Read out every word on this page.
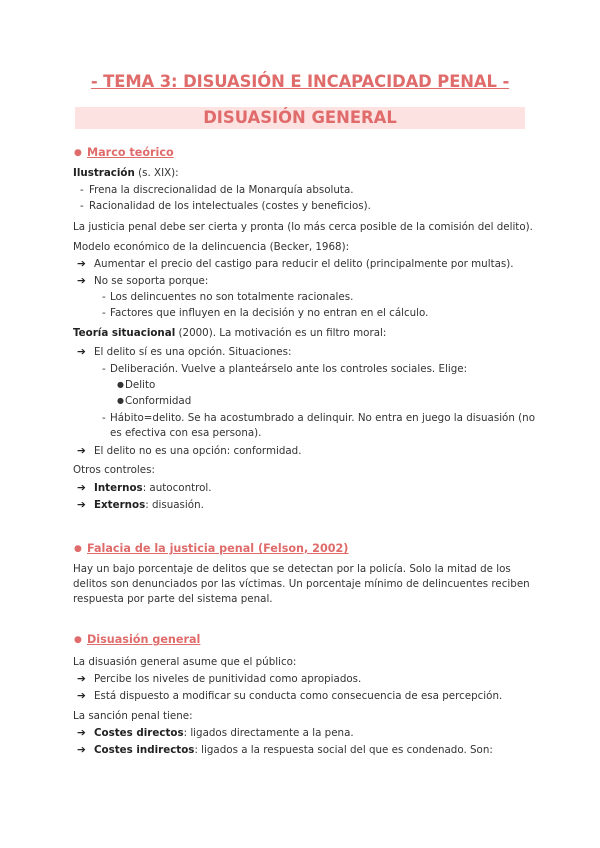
- TEMA 3: DISUASIÓN E INCAPACIDAD PENAL -
DISUASIÓN GENERAL
● Marco teórico
Ilustración (s. XIX):
- Frena la discrecionalidad de la Monarquía absoluta.
- Racionalidad de los intelectuales (costes y beneficios).
La justicia penal debe ser cierta y pronta (lo más cerca posible de la comisión del delito).
Modelo económico de la delincuencia (Becker, 1968):
➔ Aumentar el precio del castigo para reducir el delito (principalmente por multas).
➔ No se soporta porque:
- Los delincuentes no son totalmente racionales.
- Factores que influyen en la decisión y no entran en el cálculo.
Teoría situacional (2000). La motivación es un filtro moral:
➔ El delito sí es una opción. Situaciones:
- Deliberación. Vuelve a planteárselo ante los controles sociales. Elige:
● Delito
● Conformidad
- Hábito=delito. Se ha acostumbrado a delinquir. No entra en juego la disuasión (no
es efectiva con esa persona).
➔ El delito no es una opción: conformidad.
Otros controles:
➔ Internos: autocontrol.
➔ Externos: disuasión.
● Falacia de la justicia penal (Felson, 2002)
Hay un bajo porcentaje de delitos que se detectan por la policía. Solo la mitad de los
delitos son denunciados por las víctimas. Un porcentaje mínimo de delincuentes reciben
respuesta por parte del sistema penal.
● Disuasión general
La disuasión general asume que el público:
➔ Percibe los niveles de punitividad como apropiados.
➔ Está dispuesto a modificar su conducta como consecuencia de esa percepción.
La sanción penal tiene:
➔ Costes directos: ligados directamente a la pena.
➔ Costes indirectos: ligados a la respuesta social del que es condenado. Son:
